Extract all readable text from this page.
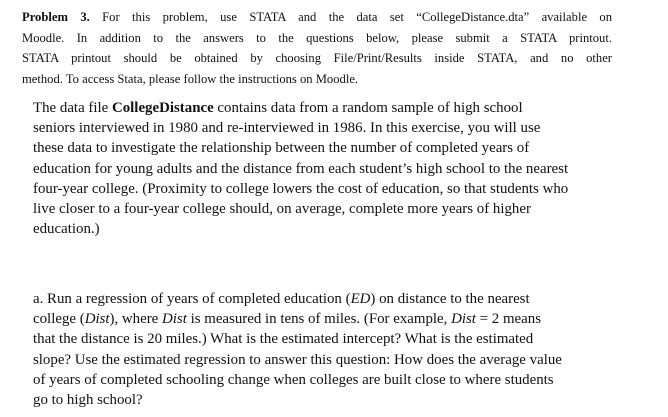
Problem 3. For this problem, use STATA and the data set “CollegeDistance.dta” available on
Moodle. In addition to the answers to the questions below, please submit a STATA printout.
STATA printout should be obtained by choosing File/Print/Results inside STATA, and no other
method. To access Stata, please follow the instructions on Moodle.
The data file CollegeDistance contains data from a random sample of high school
seniors interviewed in 1980 and re-interviewed in 1986. In this exercise, you will use
these data to investigate the relationship between the number of completed years of
education for young adults and the distance from each student’s high school to the nearest
four-year college. (Proximity to college lowers the cost of education, so that students who
live closer to a four-year college should, on average, complete more years of higher
education.)
a. Run a regression of years of completed education (ED) on distance to the nearest
college (Dist), where Dist is measured in tens of miles. (For example, Dist = 2 means
that the distance is 20 miles.) What is the estimated intercept? What is the estimated
slope? Use the estimated regression to answer this question: How does the average value
of years of completed schooling change when colleges are built close to where students
go to high school?
